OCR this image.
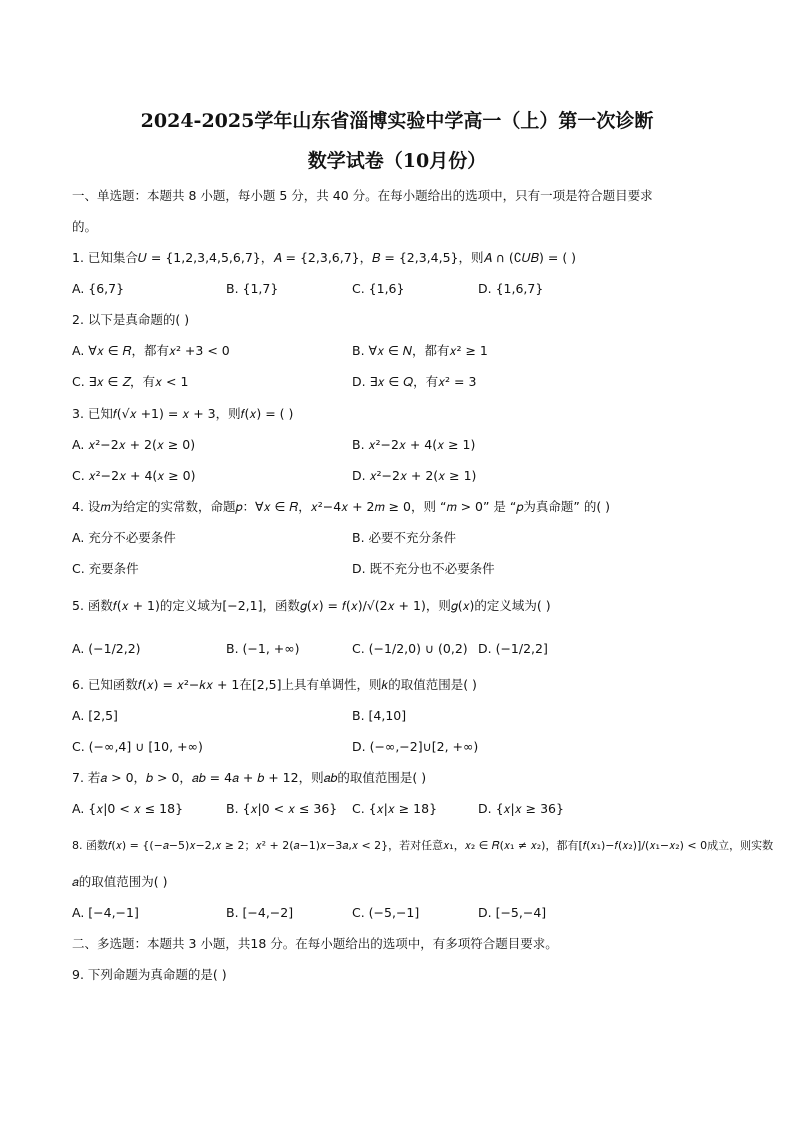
2024-2025学年山东省淄博实验中学高一（上）第一次诊断
数学试卷（10月份）
一、单选题：本题共 8 小题，每小题 5 分，共 40 分。在每小题给出的选项中，只有一项是符合题目要求
的。
1. 已知集合𝑈 = {1,2,3,4,5,6,7}，𝐴 = {2,3,6,7}，𝐵 = {2,3,4,5}，则𝐴 ∩ (∁𝑈𝐵) = ( )
A. {6,7}	B. {1,7}	C. {1,6}	D. {1,6,7}
2. 以下是真命题的( )
A. ∀𝑥 ∈ 𝑅，都有𝑥² +3 < 0	B. ∀𝑥 ∈ 𝑁，都有𝑥² ≥ 1
C. ∃𝑥 ∈ 𝑍，有𝑥 < 1	D. ∃𝑥 ∈ 𝑄，有𝑥² = 3
3. 已知𝑓(√𝑥 +1) = 𝑥 + 3，则𝑓(𝑥) = ( )
A. 𝑥²−2𝑥 + 2(𝑥 ≥ 0)	B. 𝑥²−2𝑥 + 4(𝑥 ≥ 1)
C. 𝑥²−2𝑥 + 4(𝑥 ≥ 0)	D. 𝑥²−2𝑥 + 2(𝑥 ≥ 1)
4. 设𝑚为给定的实常数，命题𝑝：∀𝑥 ∈ 𝑅，𝑥²−4𝑥 + 2𝑚 ≥ 0，则 “𝑚 > 0” 是 “𝑝为真命题” 的( )
A. 充分不必要条件	B. 必要不充分条件
C. 充要条件	D. 既不充分也不必要条件
5. 函数𝑓(𝑥 + 1)的定义域为[−2,1]，函数𝑔(𝑥) = 𝑓(𝑥)/√(2𝑥 + 1)，则𝑔(𝑥)的定义域为( )
A. (−1/2,2)	B. (−1, +∞)	C. (−1/2,0) ∪ (0,2) D. (−1/2,2]
6. 已知函数𝑓(𝑥) = 𝑥²−𝑘𝑥 + 1在[2,5]上具有单调性，则𝑘的取值范围是( )
A. [2,5]	B. [4,10]
C. (−∞,4] ∪ [10, +∞)	D. (−∞,−2]∪[2, +∞)
7. 若𝑎 > 0，𝑏 > 0，𝑎𝑏 = 4𝑎 + 𝑏 + 12，则𝑎𝑏的取值范围是( )
A. {𝑥|0 < 𝑥 ≤ 18}	B. {𝑥|0 < 𝑥 ≤ 36} C. {𝑥|𝑥 ≥ 18}	D. {𝑥|𝑥 ≥ 36}
8. 函数𝑓(𝑥) = {(−𝑎−5)𝑥−2,𝑥 ≥ 2；𝑥² + 2(𝑎−1)𝑥−3𝑎,𝑥 < 2}，若对任意𝑥₁，𝑥₂ ∈ 𝑅(𝑥₁ ≠ 𝑥₂)，都有[𝑓(𝑥₁)−𝑓(𝑥₂)]/(𝑥₁−𝑥₂) < 0成立，则实数
𝑎的取值范围为( )
A. [−4,−1]	B. [−4,−2]	C. (−5,−1]	D. [−5,−4]
二、多选题：本题共 3 小题，共18 分。在每小题给出的选项中，有多项符合题目要求。
9. 下列命题为真命题的是( )
